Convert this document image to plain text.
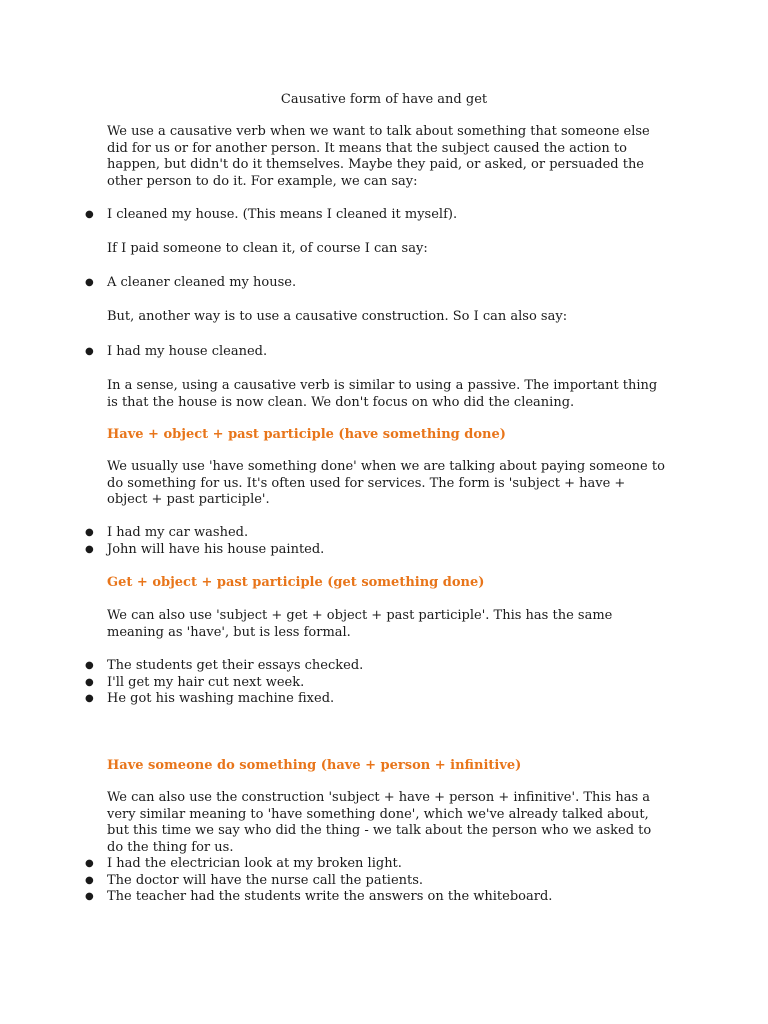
Causative form of have and get

We use a causative verb when we want to talk about something that someone else did for us or for another person. It means that the subject caused the action to happen, but didn't do it themselves. Maybe they paid, or asked, or persuaded the other person to do it. For example, we can say:

● I cleaned my house. (This means I cleaned it myself).

If I paid someone to clean it, of course I can say:

● A cleaner cleaned my house.

But, another way is to use a causative construction. So I can also say:

● I had my house cleaned.

In a sense, using a causative verb is similar to using a passive. The important thing is that the house is now clean. We don't focus on who did the cleaning.

Have + object + past participle (have something done)

We usually use 'have something done' when we are talking about paying someone to do something for us. It's often used for services. The form is 'subject + have + object + past participle'.

● I had my car washed.
● John will have his house painted.
Get + object + past participle (get something done)

We can also use 'subject + get + object + past participle'. This has the same meaning as 'have', but is less formal.

● The students get their essays checked.
● I'll get my hair cut next week.
● He got his washing machine fixed.
Have someone do something (have + person + infinitive)

We can also use the construction 'subject + have + person + infinitive'. This has a very similar meaning to 'have something done', which we've already talked about, but this time we say who did the thing - we talk about the person who we asked to do the thing for us.

● I had the electrician look at my broken light.
● The doctor will have the nurse call the patients.
● The teacher had the students write the answers on the whiteboard.
